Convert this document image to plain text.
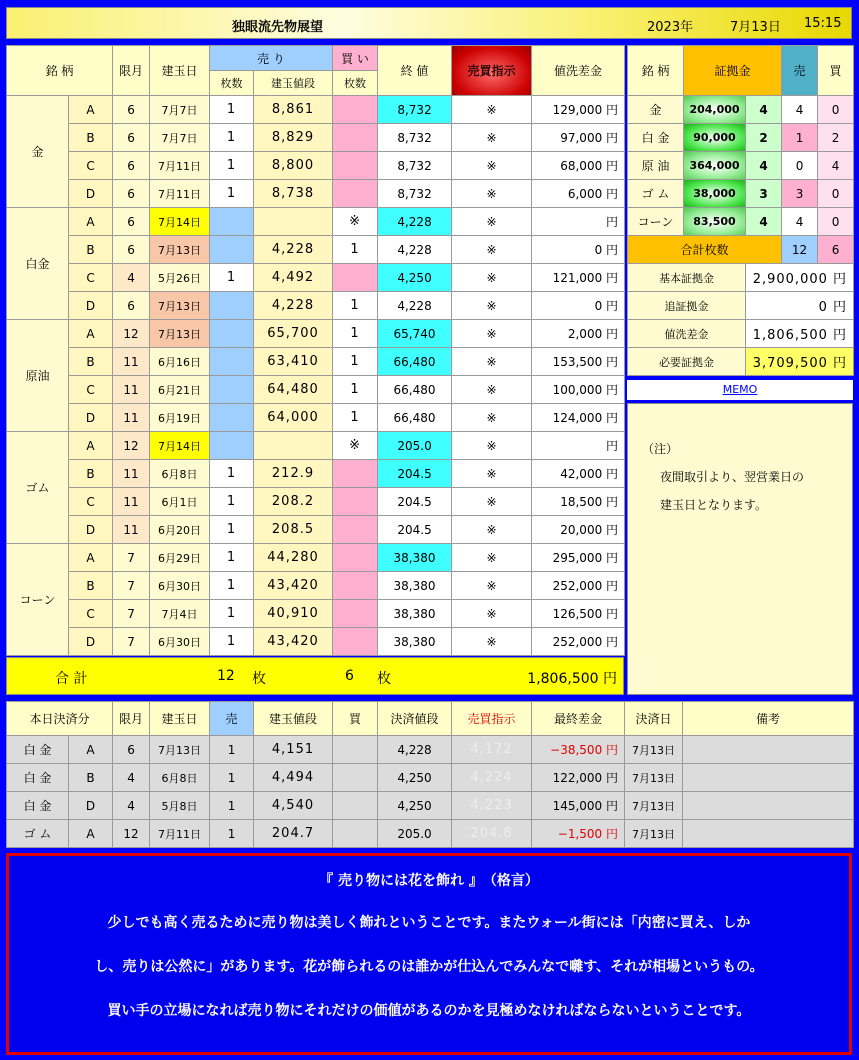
独眼流先物展望	2023年	7月13日 15:15
銘 柄		限月	建玉日	売 り		買 い	終 値	売買指示	値洗差金
				枚数	建玉値段	枚数			
金	A	6	7月7日	1	8,861		8,732	※	129,000 円
	B	6	7月7日	1	8,829		8,732	※	97,000 円
	C	6	7月11日	1	8,800		8,732	※	68,000 円
	D	6	7月11日	1	8,738		8,732	※	6,000 円
白金	A	6	7月14日			※	4,228	※	円
	B	6	7月13日		4,228	1	4,228	※	0 円
	C	4	5月26日	1	4,492		4,250	※	121,000 円
	D	6	7月13日		4,228	1	4,228	※	0 円
原油	A	12	7月13日		65,700	1	65,740	※	2,000 円
	B	11	6月16日		63,410	1	66,480	※	153,500 円
	C	11	6月21日		64,480	1	66,480	※	100,000 円
	D	11	6月19日		64,000	1	66,480	※	124,000 円
ゴム	A	12	7月14日			※	205.0	※	円
	B	11	6月8日	1	212.9		204.5	※	42,000 円
	C	11	6月1日	1	208.2		204.5	※	18,500 円
	D	11	6月20日	1	208.5		204.5	※	20,000 円
コーン	A	7	6月29日	1	44,280		38,380	※	295,000 円
	B	7	6月30日	1	43,420		38,380	※	252,000 円
	C	7	7月4日	1	40,910		38,380	※	126,500 円
	D	7	6月30日	1	43,420		38,380	※	252,000 円
合 計	12 枚	6 枚	1,806,500 円
銘 柄	証拠金		売	買
金	204,000	4	4	0
白 金	90,000	2	1	2
原 油	364,000	4	0	4
ゴ ム	38,000	3	3	0
コーン	83,500	4	4	0
合計枚数			12	6
基本証拠金		2,900,000 円		
追証拠金		0 円		
値洗差金		1,806,500 円		
必要証拠金		3,709,500 円		
MEMO
（注）
夜間取引より、翌営業日の
建玉日となります。
本日決済分		限月	建玉日	売	建玉値段	買	決済値段	売買指示	最終差金	決済日	備考
白 金	A	6	7月13日	1	4,151		4,228	4,172	−38,500 円	7月13日	
白 金	B	4	6月8日	1	4,494		4,250	4,224	122,000 円	7月13日	
白 金	D	4	5月8日	1	4,540		4,250	4,223	145,000 円	7月13日	
ゴ ム	A	12	7月11日	1	204.7		205.0	204.8	−1,500 円	7月13日	

『 売り物には花を飾れ 』　（格言）

少しでも高く売るために売り物は美しく飾れということです。またウォール街には「内密に買え、しか

し、売りは公然に」があります。花が飾られるのは誰かが仕込んでみんなで囃す、それが相場というもの。

買い手の立場になれば売り物にそれだけの価値があるのかを見極めなければならないということです。
